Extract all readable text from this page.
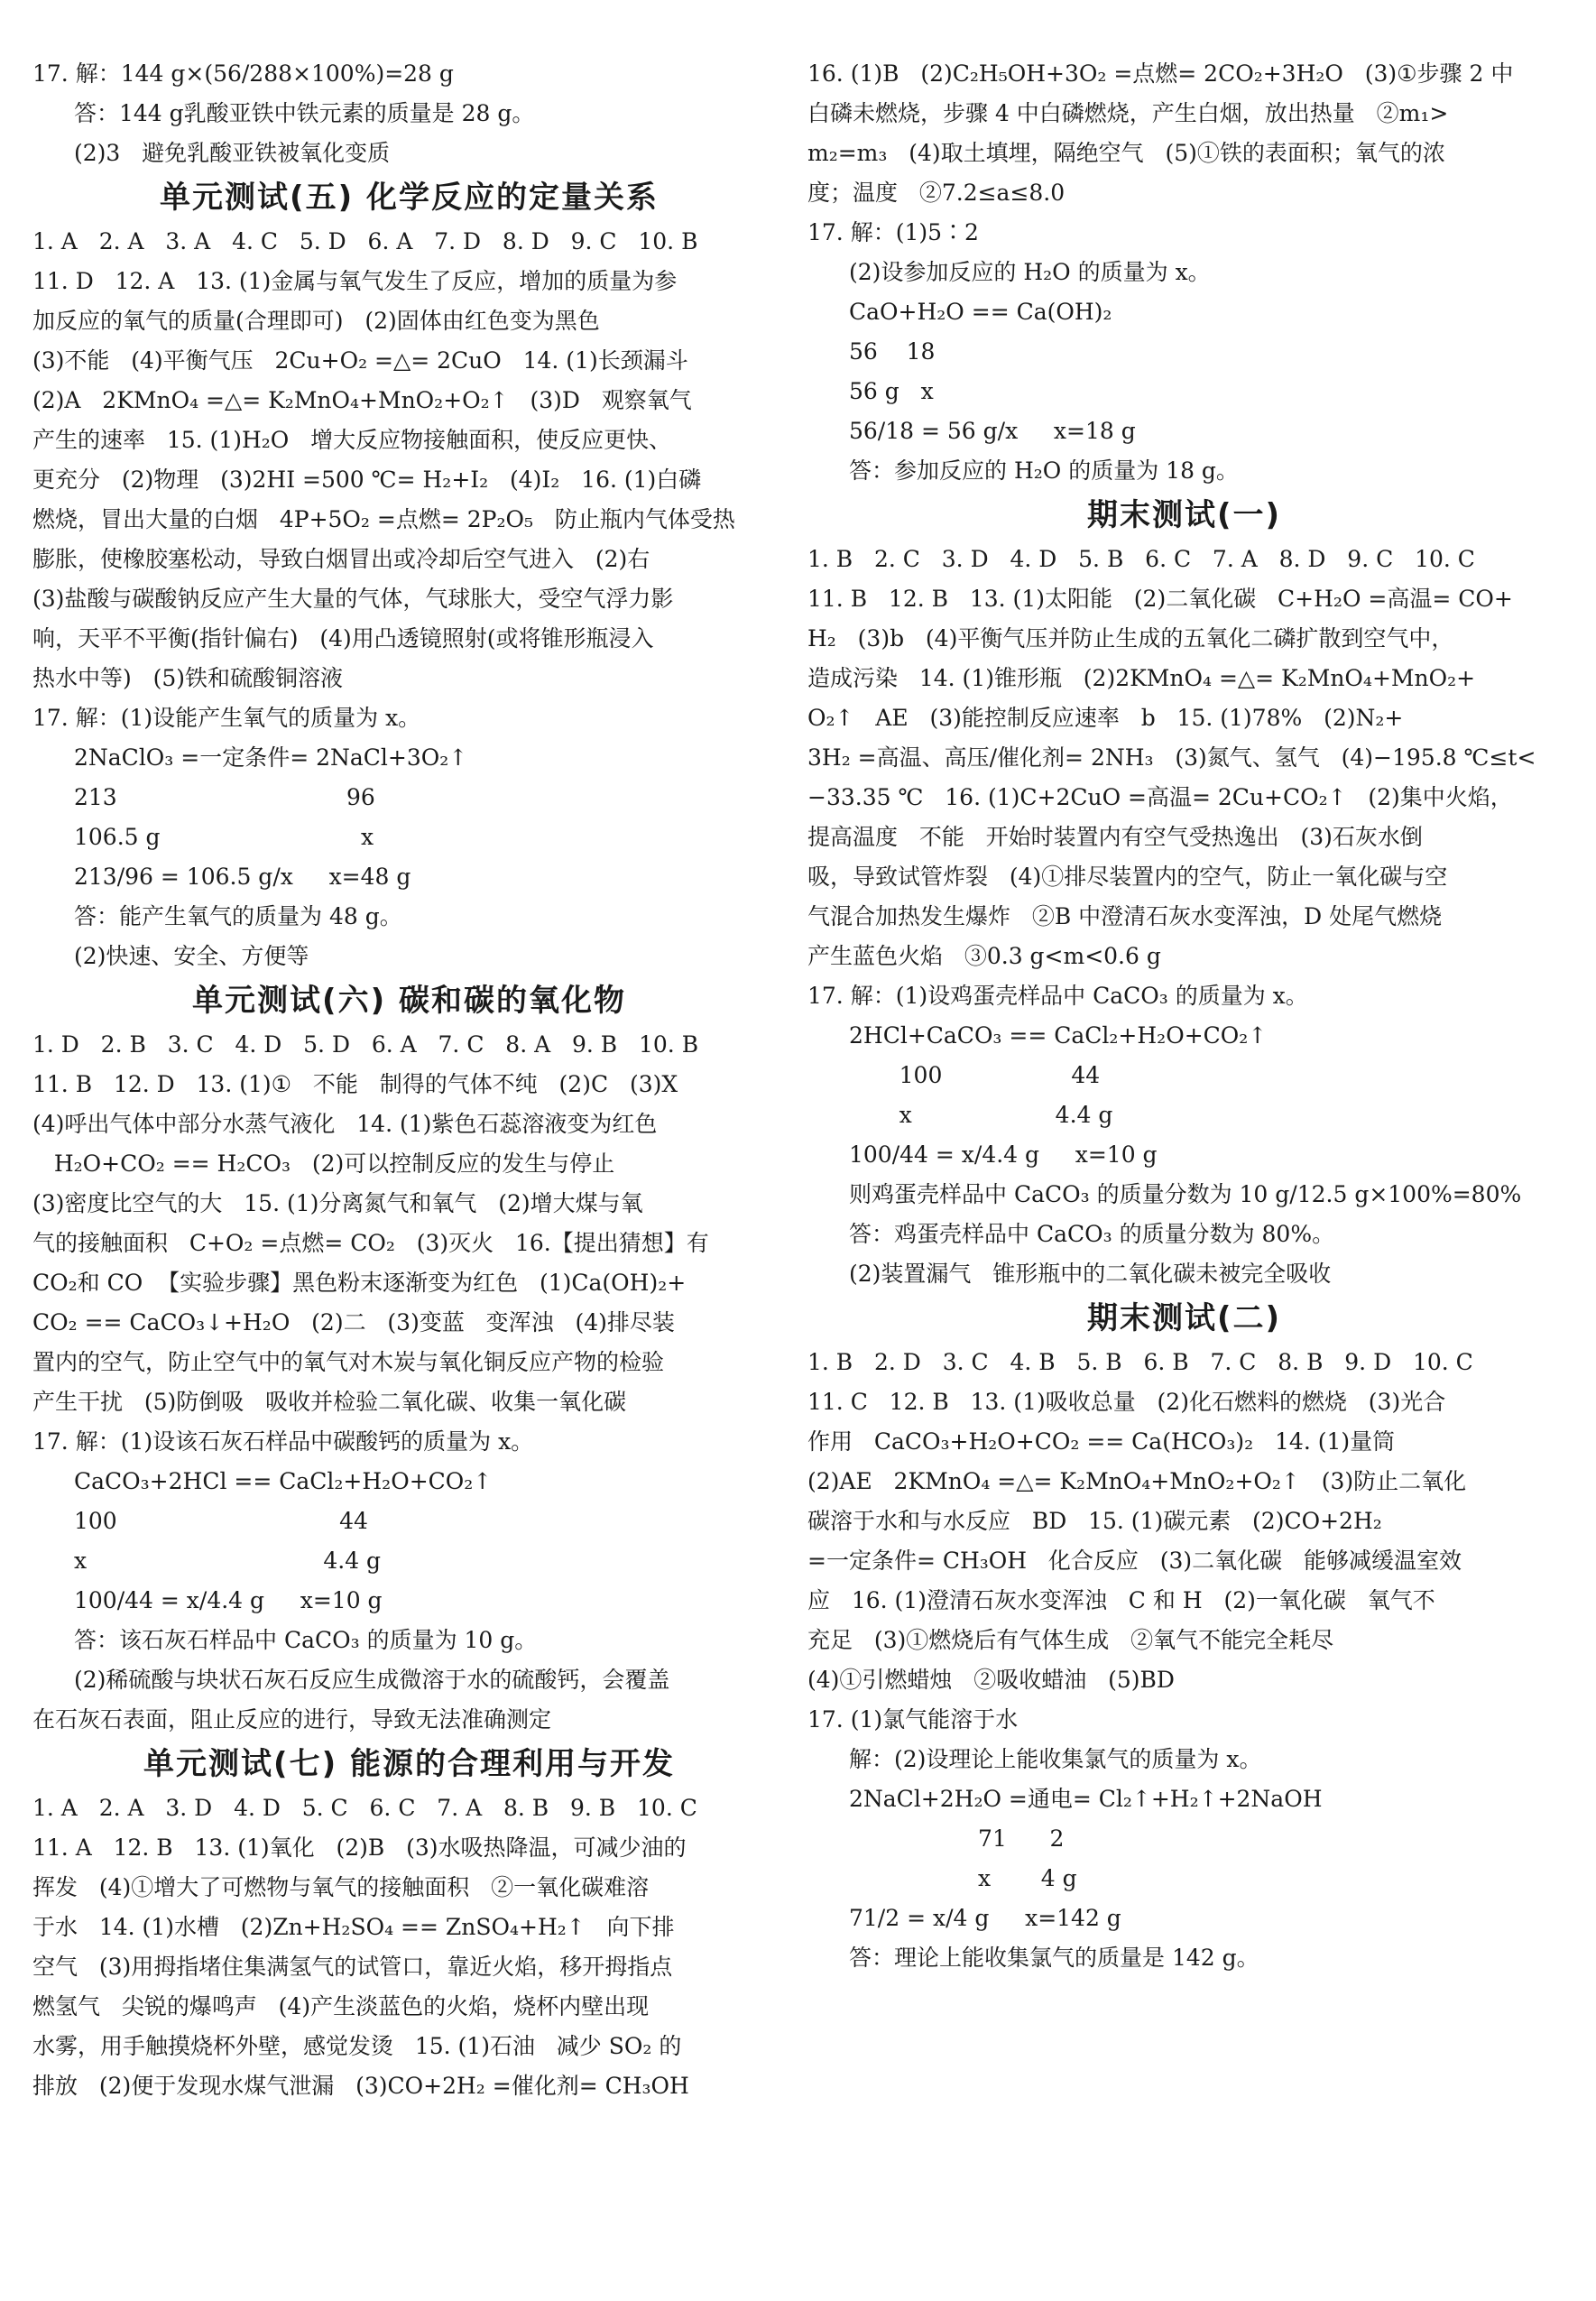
17. 解：144 g×(56/288×100%)=28 g
答：144 g乳酸亚铁中铁元素的质量是 28 g。
(2)3   避免乳酸亚铁被氧化变质
单元测试(五) 化学反应的定量关系
1. A   2. A   3. A   4. C   5. D   6. A   7. D   8. D   9. C   10. B
11. D   12. A   13. (1)金属与氧气发生了反应，增加的质量为参
加反应的氧气的质量(合理即可)   (2)固体由红色变为黑色
(3)不能   (4)平衡气压   2Cu+O₂ =△= 2CuO   14. (1)长颈漏斗
(2)A   2KMnO₄ =△= K₂MnO₄+MnO₂+O₂↑   (3)D   观察氧气
产生的速率   15. (1)H₂O   增大反应物接触面积，使反应更快、
更充分   (2)物理   (3)2HI =500 ℃= H₂+I₂   (4)I₂   16. (1)白磷
燃烧，冒出大量的白烟   4P+5O₂ =点燃= 2P₂O₅   防止瓶内气体受热
膨胀，使橡胶塞松动，导致白烟冒出或冷却后空气进入   (2)右
(3)盐酸与碳酸钠反应产生大量的气体，气球胀大，受空气浮力影
响，天平不平衡(指针偏右)   (4)用凸透镜照射(或将锥形瓶浸入
热水中等)   (5)铁和硫酸铜溶液
17. 解：(1)设能产生氧气的质量为 x。
2NaClO₃ =一定条件= 2NaCl+3O₂↑
213                                96
106.5 g                            x
213/96 = 106.5 g/x     x=48 g
答：能产生氧气的质量为 48 g。
(2)快速、安全、方便等
单元测试(六) 碳和碳的氧化物
1. D   2. B   3. C   4. D   5. D   6. A   7. C   8. A   9. B   10. B
11. B   12. D   13. (1)①   不能   制得的气体不纯   (2)C   (3)X
(4)呼出气体中部分水蒸气液化   14. (1)紫色石蕊溶液变为红色
H₂O+CO₂ == H₂CO₃   (2)可以控制反应的发生与停止
(3)密度比空气的大   15. (1)分离氮气和氧气   (2)增大煤与氧
气的接触面积   C+O₂ =点燃= CO₂   (3)灭火   16.【提出猜想】有
CO₂和 CO  【实验步骤】黑色粉末逐渐变为红色   (1)Ca(OH)₂+
CO₂ == CaCO₃↓+H₂O   (2)二   (3)变蓝   变浑浊   (4)排尽装
置内的空气，防止空气中的氧气对木炭与氧化铜反应产物的检验
产生干扰   (5)防倒吸   吸收并检验二氧化碳、收集一氧化碳
17. 解：(1)设该石灰石样品中碳酸钙的质量为 x。
CaCO₃+2HCl == CaCl₂+H₂O+CO₂↑
100                               44
x                                 4.4 g
100/44 = x/4.4 g     x=10 g
答：该石灰石样品中 CaCO₃ 的质量为 10 g。
(2)稀硫酸与块状石灰石反应生成微溶于水的硫酸钙，会覆盖
在石灰石表面，阻止反应的进行，导致无法准确测定
单元测试(七) 能源的合理利用与开发
1. A   2. A   3. D   4. D   5. C   6. C   7. A   8. B   9. B   10. C
11. A   12. B   13. (1)氧化   (2)B   (3)水吸热降温，可减少油的
挥发   (4)①增大了可燃物与氧气的接触面积   ②一氧化碳难溶
于水   14. (1)水槽   (2)Zn+H₂SO₄ == ZnSO₄+H₂↑   向下排
空气   (3)用拇指堵住集满氢气的试管口，靠近火焰，移开拇指点
燃氢气   尖锐的爆鸣声   (4)产生淡蓝色的火焰，烧杯内壁出现
水雾，用手触摸烧杯外壁，感觉发烫   15. (1)石油   减少 SO₂ 的
排放   (2)便于发现水煤气泄漏   (3)CO+2H₂ =催化剂= CH₃OH
16. (1)B   (2)C₂H₅OH+3O₂ =点燃= 2CO₂+3H₂O   (3)①步骤 2 中
白磷未燃烧，步骤 4 中白磷燃烧，产生白烟，放出热量   ②m₁>
m₂=m₃   (4)取土填埋，隔绝空气   (5)①铁的表面积；氧气的浓
度；温度   ②7.2≤a≤8.0
17. 解：(1)5∶2
(2)设参加反应的 H₂O 的质量为 x。
CaO+H₂O == Ca(OH)₂
56    18
56 g   x
56/18 = 56 g/x     x=18 g
答：参加反应的 H₂O 的质量为 18 g。
期末测试(一)
1. B   2. C   3. D   4. D   5. B   6. C   7. A   8. D   9. C   10. C
11. B   12. B   13. (1)太阳能   (2)二氧化碳   C+H₂O =高温= CO+
H₂   (3)b   (4)平衡气压并防止生成的五氧化二磷扩散到空气中，
造成污染   14. (1)锥形瓶   (2)2KMnO₄ =△= K₂MnO₄+MnO₂+
O₂↑   AE   (3)能控制反应速率   b   15. (1)78%   (2)N₂+
3H₂ =高温、高压/催化剂= 2NH₃   (3)氮气、氢气   (4)−195.8 ℃≤t<
−33.35 ℃   16. (1)C+2CuO =高温= 2Cu+CO₂↑   (2)集中火焰，
提高温度   不能   开始时装置内有空气受热逸出   (3)石灰水倒
吸，导致试管炸裂   (4)①排尽装置内的空气，防止一氧化碳与空
气混合加热发生爆炸   ②B 中澄清石灰水变浑浊，D 处尾气燃烧
产生蓝色火焰   ③0.3 g<m<0.6 g
17. 解：(1)设鸡蛋壳样品中 CaCO₃ 的质量为 x。
2HCl+CaCO₃ == CaCl₂+H₂O+CO₂↑
100                  44
x                    4.4 g
100/44 = x/4.4 g     x=10 g
则鸡蛋壳样品中 CaCO₃ 的质量分数为 10 g/12.5 g×100%=80%
答：鸡蛋壳样品中 CaCO₃ 的质量分数为 80%。
(2)装置漏气   锥形瓶中的二氧化碳未被完全吸收
期末测试(二)
1. B   2. D   3. C   4. B   5. B   6. B   7. C   8. B   9. D   10. C
11. C   12. B   13. (1)吸收总量   (2)化石燃料的燃烧   (3)光合
作用   CaCO₃+H₂O+CO₂ == Ca(HCO₃)₂   14. (1)量筒
(2)AE   2KMnO₄ =△= K₂MnO₄+MnO₂+O₂↑   (3)防止二氧化
碳溶于水和与水反应   BD   15. (1)碳元素   (2)CO+2H₂
=一定条件= CH₃OH   化合反应   (3)二氧化碳   能够减缓温室效
应   16. (1)澄清石灰水变浑浊   C 和 H   (2)一氧化碳   氧气不
充足   (3)①燃烧后有气体生成   ②氧气不能完全耗尽
(4)①引燃蜡烛   ②吸收蜡油   (5)BD
17. (1)氯气能溶于水
解：(2)设理论上能收集氯气的质量为 x。
2NaCl+2H₂O =通电= Cl₂↑+H₂↑+2NaOH
71      2
x       4 g
71/2 = x/4 g     x=142 g
答：理论上能收集氯气的质量是 142 g。
